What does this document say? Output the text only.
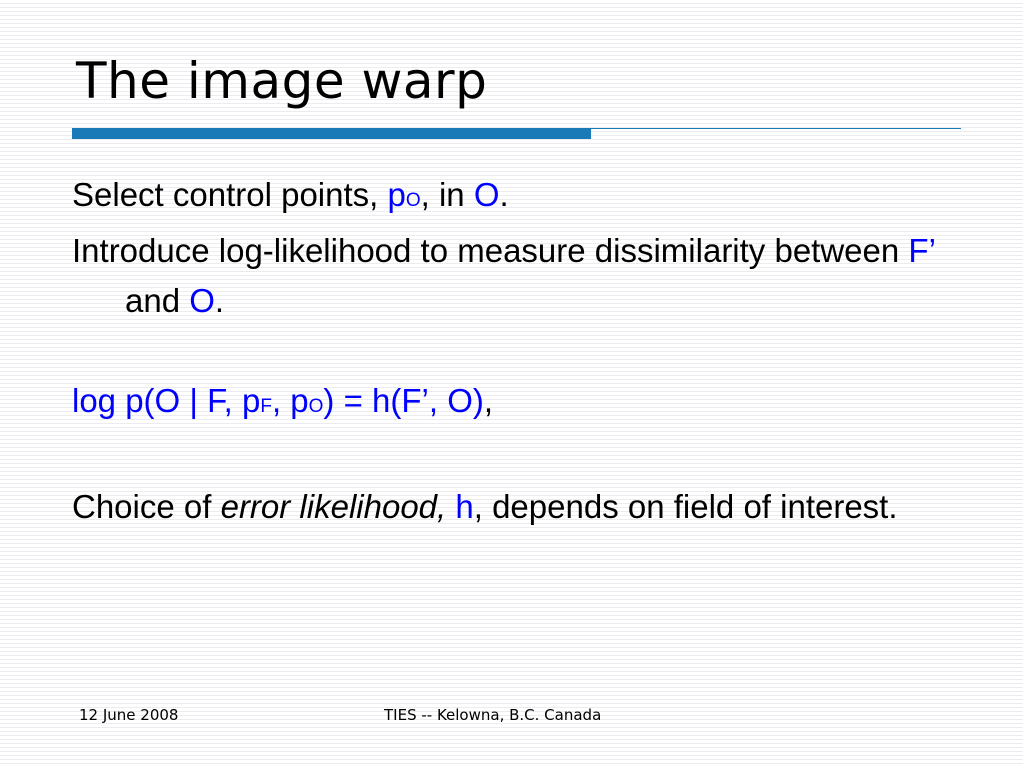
The image warp

Select control points, pO, in O.

Introduce log-likelihood to measure dissimilarity between F’ and O.

log p(O | F, pF, pO) = h(F’, O),

Choice of error likelihood, h, depends on field of interest.

12 June 2008	TIES -- Kelowna, B.C. Canada
